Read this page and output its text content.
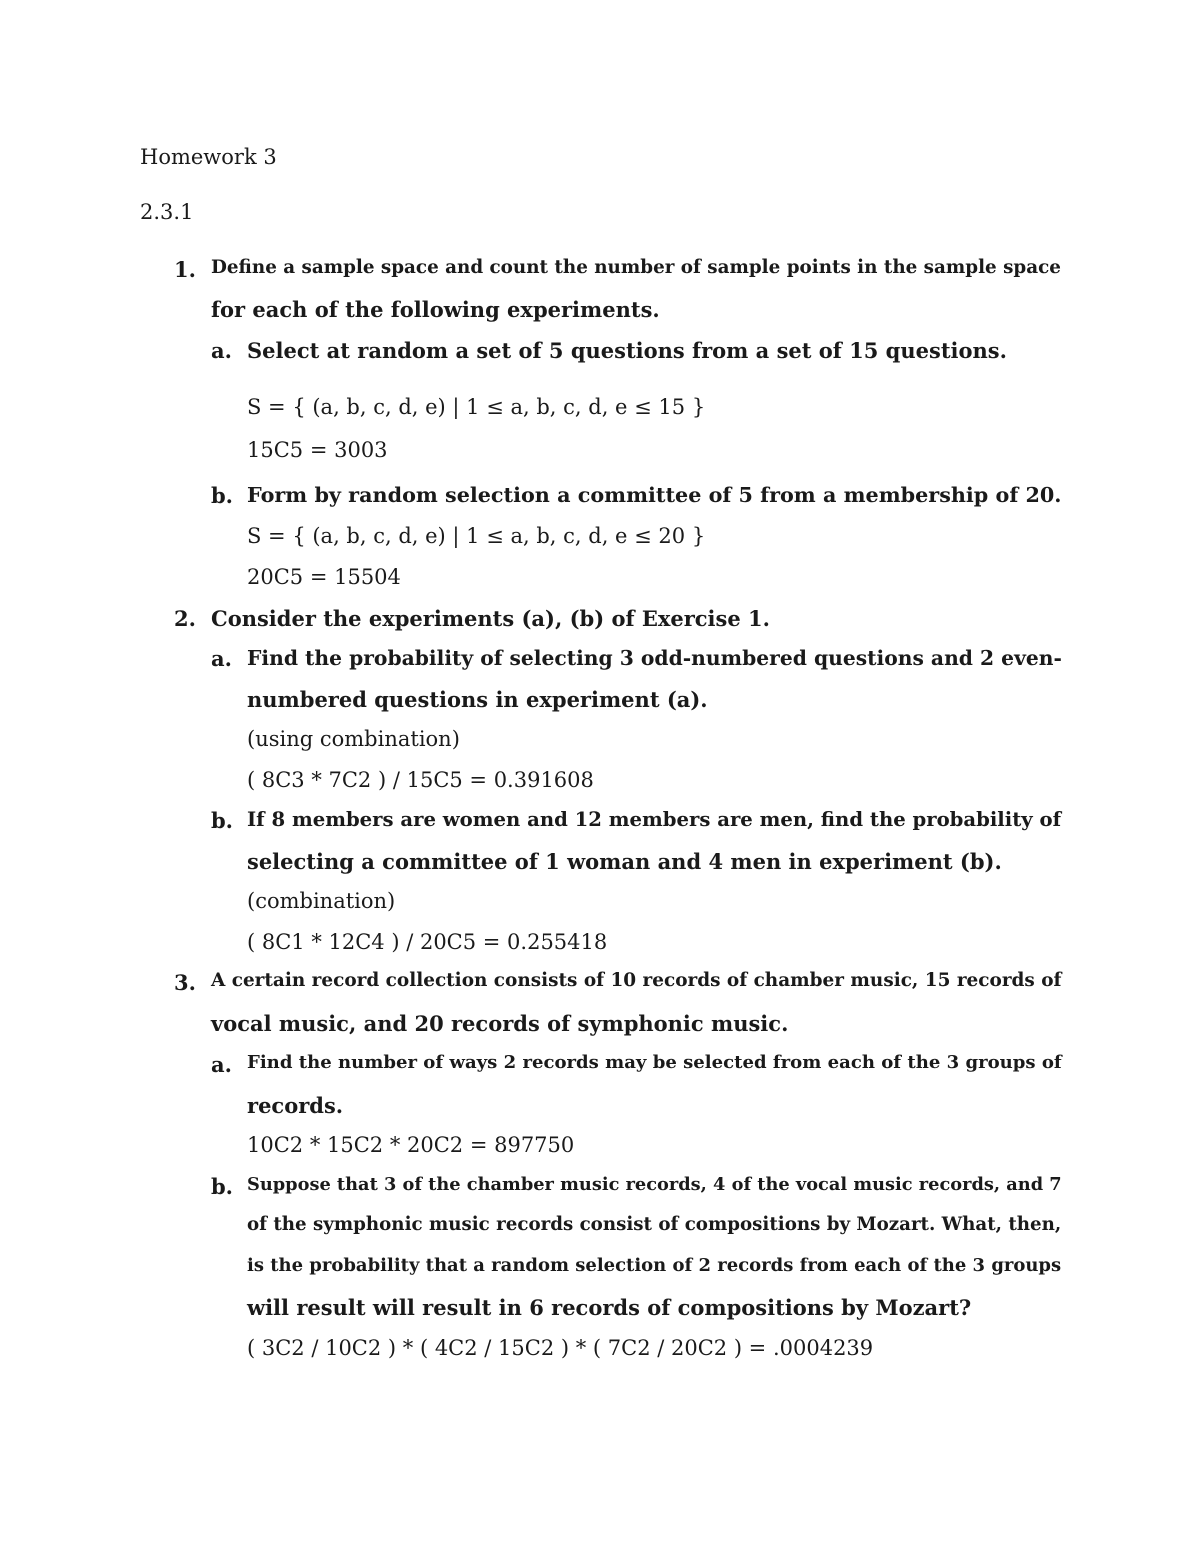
Homework 3
2.3.1
1. Define a sample space and count the number of sample points in the sample space
for each of the following experiments.
a. Select at random a set of 5 questions from a set of 15 questions.
S = { (a, b, c, d, e) | 1 ≤ a, b, c, d, e ≤ 15 }
15C5 = 3003
b. Form by random selection a committee of 5 from a membership of 20.
S = { (a, b, c, d, e) | 1 ≤ a, b, c, d, e ≤ 20 }
20C5 = 15504
2. Consider the experiments (a), (b) of Exercise 1.
a. Find the probability of selecting 3 odd-numbered questions and 2 even-
numbered questions in experiment (a).
(using combination)
( 8C3 * 7C2 ) / 15C5 = 0.391608
b. If 8 members are women and 12 members are men, find the probability of
selecting a committee of 1 woman and 4 men in experiment (b).
(combination)
( 8C1 * 12C4 ) / 20C5 = 0.255418
3. A certain record collection consists of 10 records of chamber music, 15 records of
vocal music, and 20 records of symphonic music.
a. Find the number of ways 2 records may be selected from each of the 3 groups of
records.
10C2 * 15C2 * 20C2 = 897750
b. Suppose that 3 of the chamber music records, 4 of the vocal music records, and 7
of the symphonic music records consist of compositions by Mozart. What, then,
is the probability that a random selection of 2 records from each of the 3 groups
will result will result in 6 records of compositions by Mozart?
( 3C2 / 10C2 ) * ( 4C2 / 15C2 ) * ( 7C2 / 20C2 ) = .0004239
